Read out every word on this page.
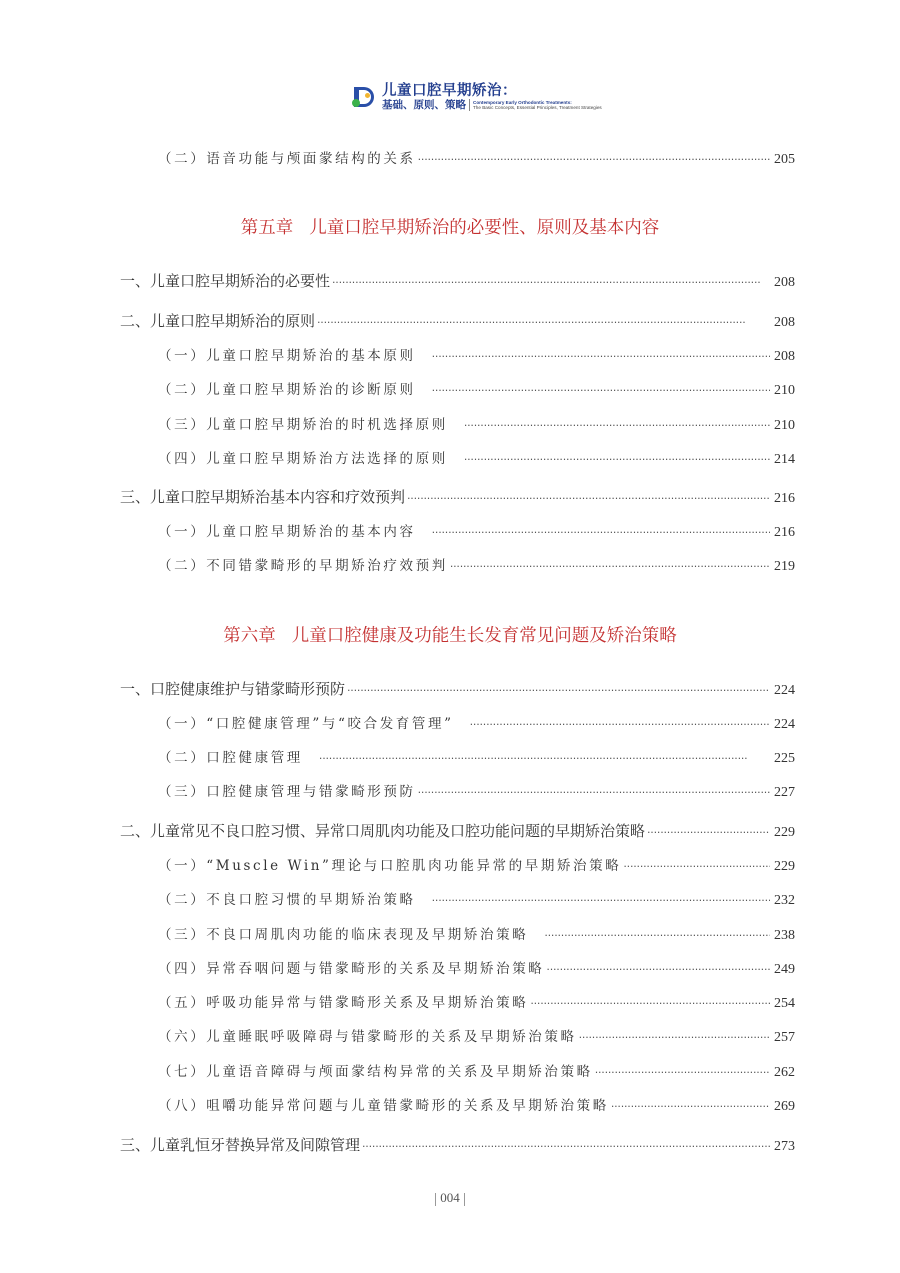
儿童口腔早期矫治：
基础、原则、策略	Contemporary Early Orthodontic Treatments:
The Basic Concepts, Essential Principles, Treatment Strategies
（二）语音功能与颅面䝉结构的关系 ·····	205
第五章 儿童口腔早期矫治的必要性、原则及基本内容
一、儿童口腔早期矫治的必要性 ·····	208
二、儿童口腔早期矫治的原则 ·····	208
（一）儿童口腔早期矫治的基本原则 ·····	208
（二）儿童口腔早期矫治的诊断原则 ·····	210
（三）儿童口腔早期矫治的时机选择原则 ·····	210
（四）儿童口腔早期矫治方法选择的原则 ·····	214
三、儿童口腔早期矫治基本内容和疗效预判 ·····	216
（一）儿童口腔早期矫治的基本内容 ·····	216
（二）不同错䝉畸形的早期矫治疗效预判 ·····	219
第六章 儿童口腔健康及功能生长发育常见问题及矫治策略
一、口腔健康维护与错䝉畸形预防 ·····	224
（一）“口腔健康管理”与“咬合发育管理” ·····	224
（二）口腔健康管理 ·····	225
（三）口腔健康管理与错䝉畸形预防 ·····	227
二、儿童常见不良口腔习惯、异常口周肌肉功能及口腔功能问题的早期矫治策略 ·····	229
（一）“Muscle Win”理论与口腔肌肉功能异常的早期矫治策略 ·····	229
（二）不良口腔习惯的早期矫治策略 ·····	232
（三）不良口周肌肉功能的临床表现及早期矫治策略 ·····	238
（四）异常吞咽问题与错䝉畸形的关系及早期矫治策略 ·····	249
（五）呼吸功能异常与错䝉畸形关系及早期矫治策略 ·····	254
（六）儿童睡眠呼吸障碍与错䝉畸形的关系及早期矫治策略 ·····	257
（七）儿童语音障碍与颅面䝉结构异常的关系及早期矫治策略 ·····	262
（八）咀嚼功能异常问题与儿童错䝉畸形的关系及早期矫治策略 ·····	269
三、儿童乳恒牙替换异常及间隙管理 ·····	273
004
